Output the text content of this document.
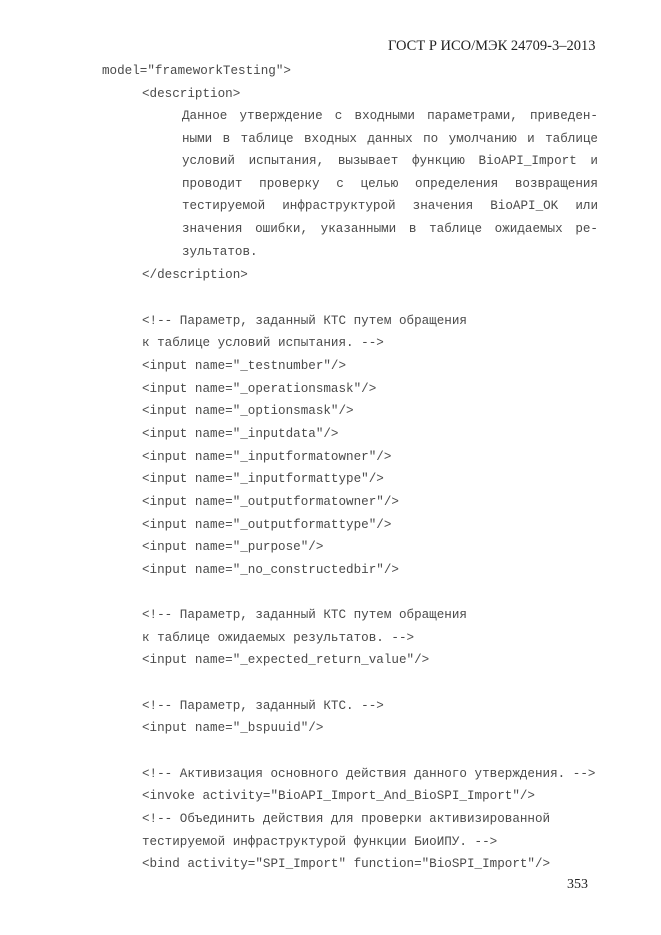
ГОСТ Р ИСО/МЭК 24709-3–2013
model="frameworkTesting">
<description>
Данное утверждение с входными параметрами, приведен-
ными в таблице входных данных по умолчанию и таблице
условий испытания, вызывает функцию BioAPI_Import и
проводит проверку с целью определения возвращения
тестируемой инфраструктурой значения BioAPI_OK или
значения ошибки, указанными в таблице ожидаемых ре-
зультатов.
</description>
<!-- Параметр, заданный КТС путем обращения
к таблице условий испытания. -->
<input name="_testnumber"/>
<input name="_operationsmask"/>
<input name="_optionsmask"/>
<input name="_inputdata"/>
<input name="_inputformatowner"/>
<input name="_inputformattype"/>
<input name="_outputformatowner"/>
<input name="_outputformattype"/>
<input name="_purpose"/>
<input name="_no_constructedbir"/>
<!-- Параметр, заданный КТС путем обращения
к таблице ожидаемых результатов. -->
<input name="_expected_return_value"/>
<!-- Параметр, заданный КТС. -->
<input name="_bspuuid"/>
<!-- Активизация основного действия данного утверждения. -->
<invoke activity="BioAPI_Import_And_BioSPI_Import"/>
<!-- Объединить действия для проверки активизированной
тестируемой инфраструктурой функции БиоИПУ. -->
<bind activity="SPI_Import" function="BioSPI_Import"/>
353
